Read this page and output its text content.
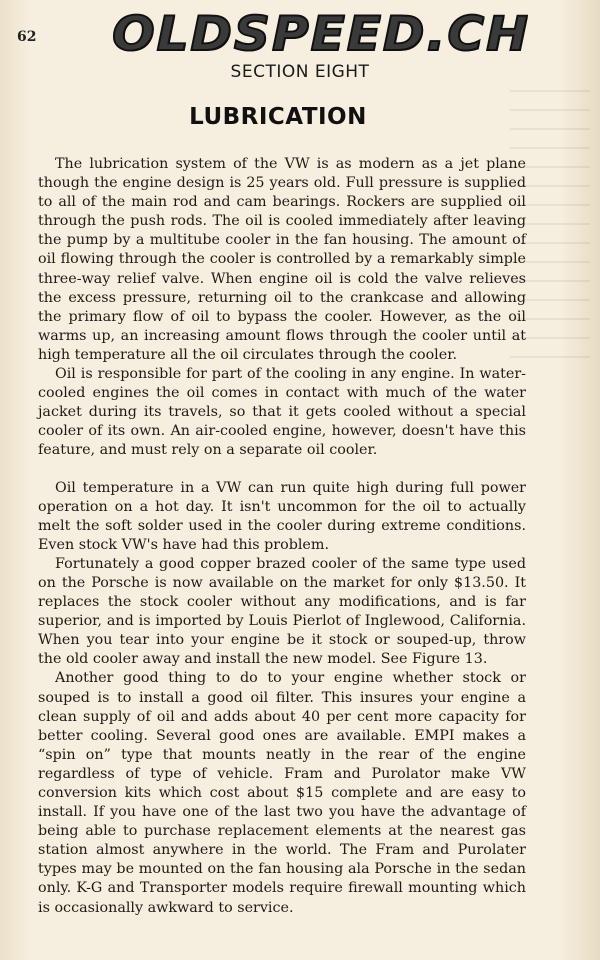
62	OLDSPEED.CH
SECTION EIGHT
LUBRICATION

The lubrication system of the VW is as modern as a jet plane though the engine design is 25 years old. Full pressure is supplied to all of the main rod and cam bearings. Rockers are supplied oil through the push rods. The oil is cooled immediately after leaving the pump by a multitube cooler in the fan housing. The amount of oil flowing through the cooler is controlled by a remarkably simple three-way relief valve. When engine oil is cold the valve relieves the excess pressure, returning oil to the crankcase and allowing the primary flow of oil to bypass the cooler. However, as the oil warms up, an increasing amount flows through the cooler until at high temperature all the oil circulates through the cooler.

Oil is responsible for part of the cooling in any engine. In water-cooled engines the oil comes in contact with much of the water jacket during its travels, so that it gets cooled without a special cooler of its own. An air-cooled engine, however, doesn't have this feature, and must rely on a separate oil cooler.

Oil temperature in a VW can run quite high during full power operation on a hot day. It isn't uncommon for the oil to actually melt the soft solder used in the cooler during extreme conditions. Even stock VW's have had this problem.

Fortunately a good copper brazed cooler of the same type used on the Porsche is now available on the market for only $13.50. It replaces the stock cooler without any modifications, and is far superior, and is imported by Louis Pierlot of Inglewood, California. When you tear into your engine be it stock or souped-up, throw the old cooler away and install the new model. See Figure 13.

Another good thing to do to your engine whether stock or souped is to install a good oil filter. This insures your engine a clean supply of oil and adds about 40 per cent more capacity for better cooling. Several good ones are available. EMPI makes a “spin on” type that mounts neatly in the rear of the engine regardless of type of vehicle. Fram and Purolator make VW conversion kits which cost about $15 complete and are easy to install. If you have one of the last two you have the advantage of being able to purchase replacement elements at the nearest gas station almost anywhere in the world. The Fram and Purolater types may be mounted on the fan housing ala Porsche in the sedan only. K-G and Transporter models require firewall mounting which is occasionally awkward to service.
